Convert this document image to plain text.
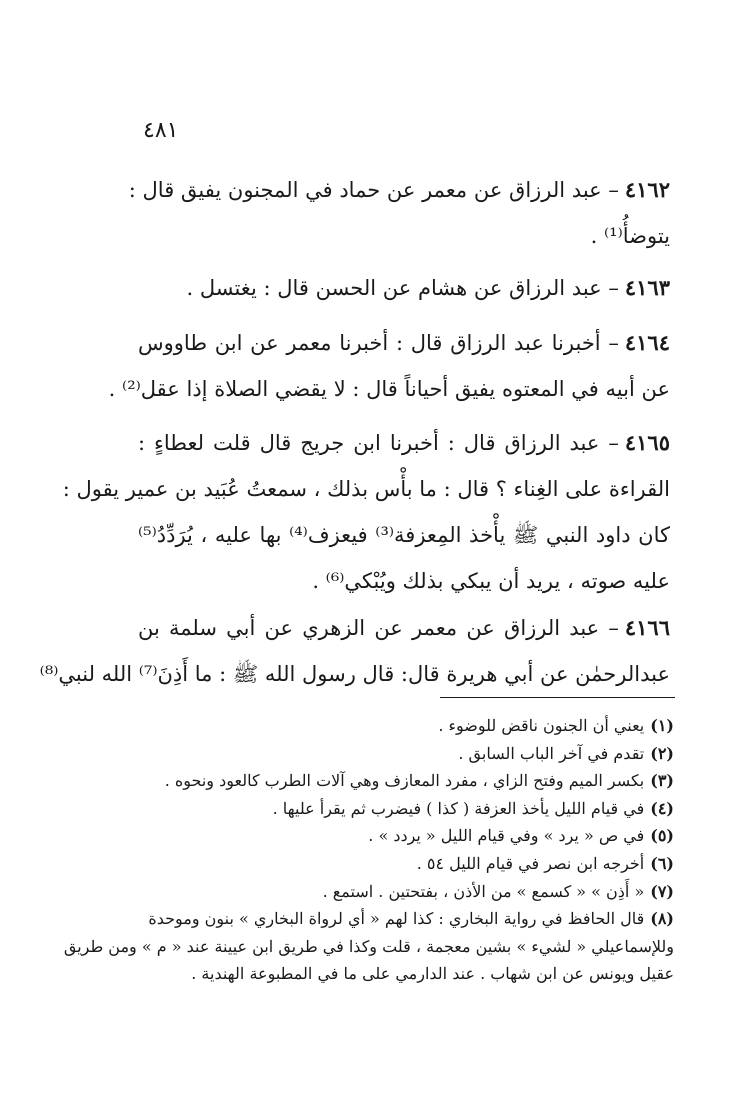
٤٨١
٤١٦٢– عبد الرزاق عن معمر عن حماد في المجنون يفيق قال :
يتوضأُ⁽¹⁾ .
٤١٦٣– عبد الرزاق عن هشام عن الحسن قال : يغتسل .
٤١٦٤– أخبرنا عبد الرزاق قال : أخبرنا معمر عن ابن طاووس
عن أبيه في المعتوه يفيق أحياناً قال : لا يقضي الصلاة إذا عقل⁽²⁾ .
٤١٦٥– عبد الرزاق قال : أخبرنا ابن جريج قال قلت لعطاءٍ :
القراءة على الغِناء ؟ قال : ما بأْس بذلك ، سمعتُ عُبَيد بن عمير يقول :
كان داود النبي ﷺ يأْخذ المِعزفة⁽³⁾ فيعزف⁽⁴⁾ بها عليه ، يُرَدِّدُ⁽⁵⁾
عليه صوته ، يريد أن يبكي بذلك ويُبْكي⁽⁶⁾ .
٤١٦٦– عبد الرزاق عن معمر عن الزهري عن أبي سلمة بن
عبدالرحمٰن عن أبي هريرة قال: قال رسول الله ﷺ : ما أَذِنَ⁽⁷⁾ الله لنبي⁽⁸⁾
(١)يعني أن الجنون ناقض للوضوء .
(٢)تقدم في آخر الباب السابق .
(٣)بكسر الميم وفتح الزاي ، مفرد المعازف وهي آلات الطرب كالعود ونحوه .
(٤)في قيام الليل يأخذ العزفة ( كذا ) فيضرب ثم يقرأ عليها .
(٥)في ص « يرد » وفي قيام الليل « يردد » .
(٦)أخرجه ابن نصر في قيام الليل ٥٤ .
(٧)« أَذِن » « كسمع » من الأذن ، بفتحتين . استمع .
(٨)قال الحافظ في رواية البخاري : كذا لهم « أي لرواة البخاري » بنون وموحدة
وللإسماعيلي « لشيء » بشين معجمة ، قلت وكذا في طريق ابن عيينة عند « م » ومن طريق
عقيل ويونس عن ابن شهاب . عند الدارمي على ما في المطبوعة الهندية .
